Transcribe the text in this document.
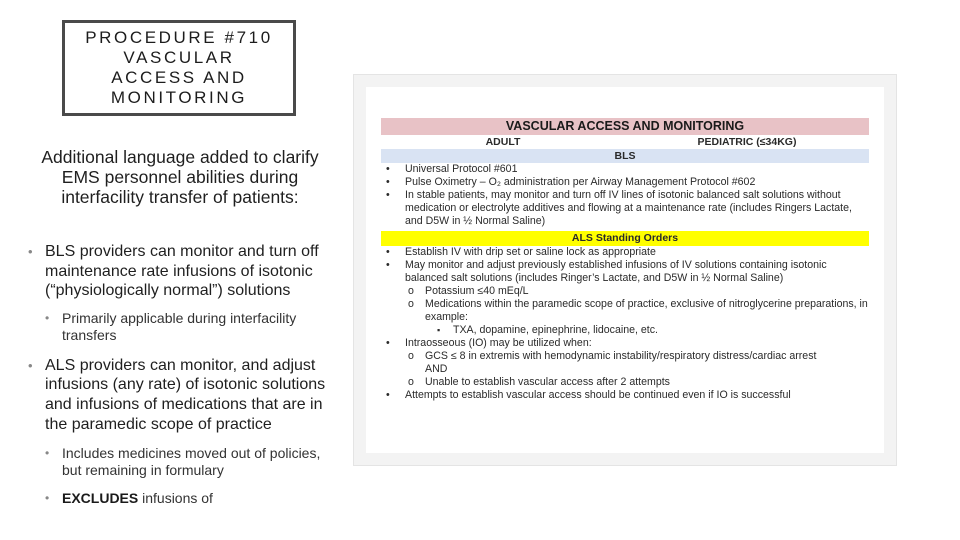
PROCEDURE #710
VASCULAR
ACCESS AND
MONITORING
Additional language added to clarify EMS personnel abilities during interfacility transfer of patients:
• BLS providers can monitor and turn off maintenance rate infusions of isotonic (“physiologically normal”) solutions
• Primarily applicable during interfacility transfers
• ALS providers can monitor, and adjust infusions (any rate) of isotonic solutions and infusions of medications that are in the paramedic scope of practice
• Includes medicines moved out of policies, but remaining in formulary
• EXCLUDES infusions of
VASCULAR ACCESS AND MONITORING
ADULT	PEDIATRIC (≤34KG)
BLS
• Universal Protocol #601
• Pulse Oximetry – O₂ administration per Airway Management Protocol #602
• In stable patients, may monitor and turn off IV lines of isotonic balanced salt solutions without medication or electrolyte additives and flowing at a maintenance rate (includes Ringers Lactate, and D5W in ½ Normal Saline)
ALS Standing Orders
• Establish IV with drip set or saline lock as appropriate
• May monitor and adjust previously established infusions of IV solutions containing isotonic balanced salt solutions (includes Ringer’s Lactate, and D5W in ½ Normal Saline)
o Potassium ≤40 mEq/L
o Medications within the paramedic scope of practice, exclusive of nitroglycerine preparations, in example:
▪ TXA, dopamine, epinephrine, lidocaine, etc.
• Intraosseous (IO) may be utilized when:
o GCS ≤ 8 in extremis with hemodynamic instability/respiratory distress/cardiac arrest
AND
o Unable to establish vascular access after 2 attempts
• Attempts to establish vascular access should be continued even if IO is successful
